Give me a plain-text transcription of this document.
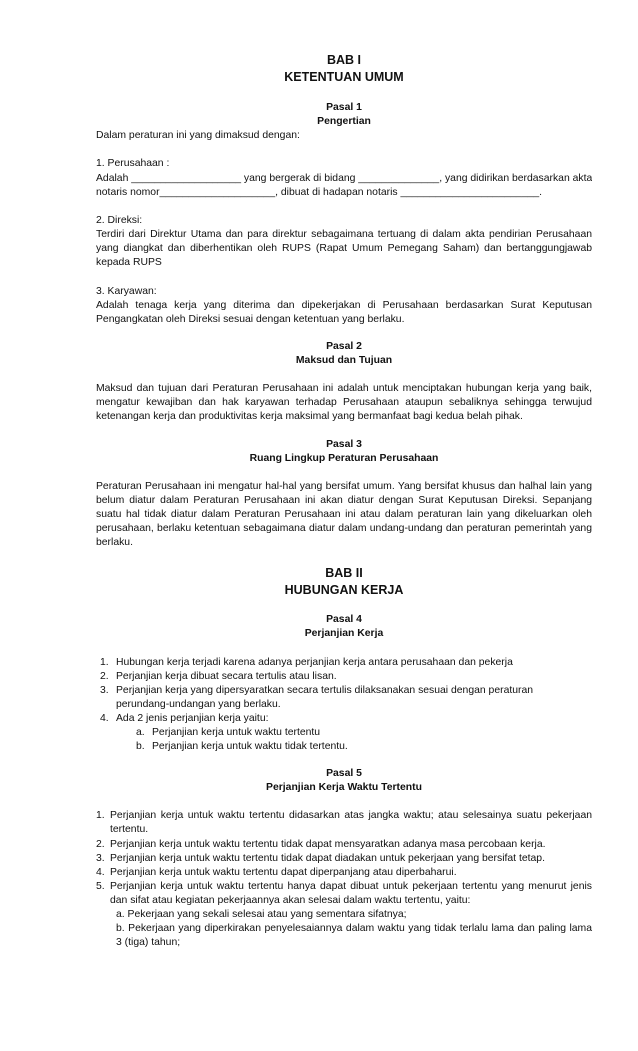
BAB I
KETENTUAN UMUM
Pasal 1
Pengertian
Dalam peraturan ini yang dimaksud dengan:
1. Perusahaan :
Adalah ___________________ yang bergerak di bidang ______________, yang didirikan berdasarkan akta
notaris nomor____________________, dibuat di hadapan notaris ________________________.
2. Direksi:
Terdiri dari Direktur Utama dan para direktur sebagaimana tertuang di dalam akta pendirian Perusahaan yang diangkat dan diberhentikan oleh RUPS (Rapat Umum Pemegang Saham) dan bertanggungjawab kepada RUPS
3. Karyawan:
Adalah tenaga kerja yang diterima dan dipekerjakan di Perusahaan berdasarkan Surat Keputusan Pengangkatan oleh Direksi sesuai dengan ketentuan yang berlaku.
Pasal 2
Maksud dan Tujuan
Maksud dan tujuan dari Peraturan Perusahaan ini adalah untuk menciptakan hubungan kerja yang baik, mengatur kewajiban dan hak karyawan terhadap Perusahaan ataupun sebaliknya sehingga terwujud ketenangan kerja dan produktivitas kerja maksimal yang bermanfaat bagi kedua belah pihak.
Pasal 3
Ruang Lingkup Peraturan Perusahaan
Peraturan Perusahaan ini mengatur hal-hal yang bersifat umum. Yang bersifat khusus dan halhal lain yang belum diatur dalam Peraturan Perusahaan ini akan diatur dengan Surat Keputusan Direksi. Sepanjang suatu hal tidak diatur dalam Peraturan Perusahaan ini atau dalam peraturan lain yang dikeluarkan oleh perusahaan, berlaku ketentuan sebagaimana diatur dalam undang-undang dan peraturan pemerintah yang berlaku.
BAB II
HUBUNGAN KERJA
Pasal 4
Perjanjian Kerja
1. Hubungan kerja terjadi karena adanya perjanjian kerja antara perusahaan dan pekerja
2. Perjanjian kerja dibuat secara tertulis atau lisan.
3. Perjanjian kerja yang dipersyaratkan secara tertulis dilaksanakan sesuai dengan peraturan perundang-undangan yang berlaku.
4. Ada 2 jenis perjanjian kerja yaitu:
a. Perjanjian kerja untuk waktu tertentu
b. Perjanjian kerja untuk waktu tidak tertentu.
Pasal 5
Perjanjian Kerja Waktu Tertentu
1. Perjanjian kerja untuk waktu tertentu didasarkan atas jangka waktu; atau selesainya suatu pekerjaan tertentu.
2. Perjanjian kerja untuk waktu tertentu tidak dapat mensyaratkan adanya masa percobaan kerja.
3. Perjanjian kerja untuk waktu tertentu tidak dapat diadakan untuk pekerjaan yang bersifat tetap.
4. Perjanjian kerja untuk waktu tertentu dapat diperpanjang atau diperbaharui.
5. Perjanjian kerja untuk waktu tertentu hanya dapat dibuat untuk pekerjaan tertentu yang menurut jenis dan sifat atau kegiatan pekerjaannya akan selesai dalam waktu tertentu, yaitu:
a. Pekerjaan yang sekali selesai atau yang sementara sifatnya;
b. Pekerjaan yang diperkirakan penyelesaiannya dalam waktu yang tidak terlalu lama dan paling lama 3 (tiga) tahun;
